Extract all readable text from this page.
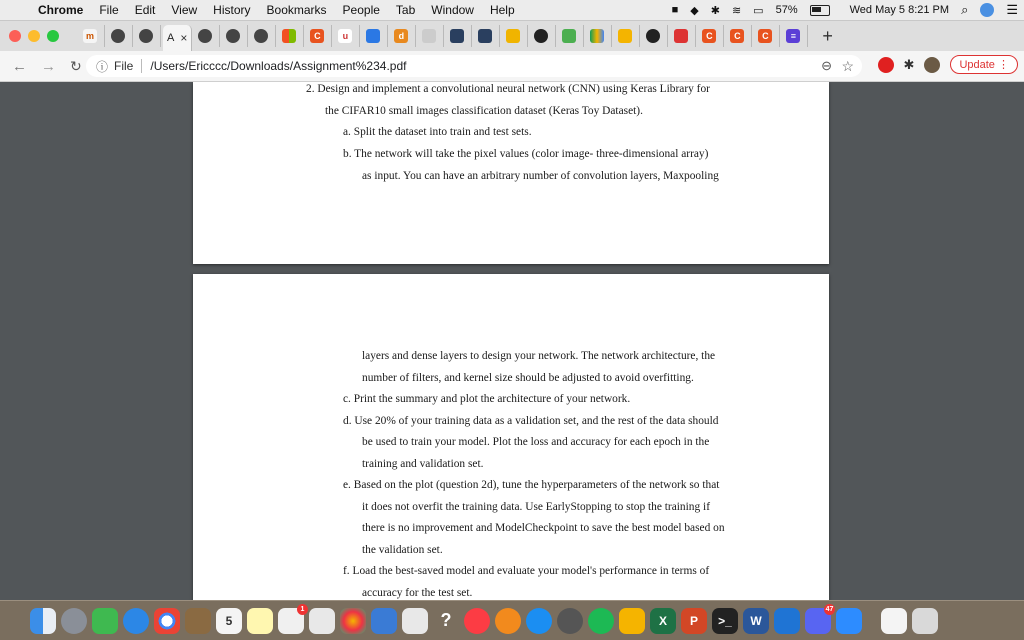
Chrome	File	Edit	View	History	Bookmarks	People	Tab	Window	Help	■ ◆ ✱ ≋ ▭ 57%	Wed May 5 8:21 PM ⌕	☰
m	A ×	C	u	d	C	C	C	≡ +
← → ↻ ⓘ File /Users/Ericccc/Downloads/Assignment%234.pdf	⊖ ☆	✱	Update ⋮
2. Design and implement a convolutional neural network (CNN) using Keras Library for
the CIFAR10 small images classification dataset (Keras Toy Dataset).
a. Split the dataset into train and test sets.
b. The network will take the pixel values (color image- three-dimensional array)
as input. You can have an arbitrary number of convolution layers, Maxpooling
layers and dense layers to design your network. The network architecture, the
number of filters, and kernel size should be adjusted to avoid overfitting.
c. Print the summary and plot the architecture of your network.
d. Use 20% of your training data as a validation set, and the rest of the data should
be used to train your model. Plot the loss and accuracy for each epoch in the
training and validation set.
e. Based on the plot (question 2d), tune the hyperparameters of the network so that
it does not overfit the training data. Use EarlyStopping to stop the training if
there is no improvement and ModelCheckpoint to save the best model based on
the validation set.
f. Load the best-saved model and evaluate your model's performance in terms of
accuracy for the test set.
5
1
?	X	P	>_	W
47
